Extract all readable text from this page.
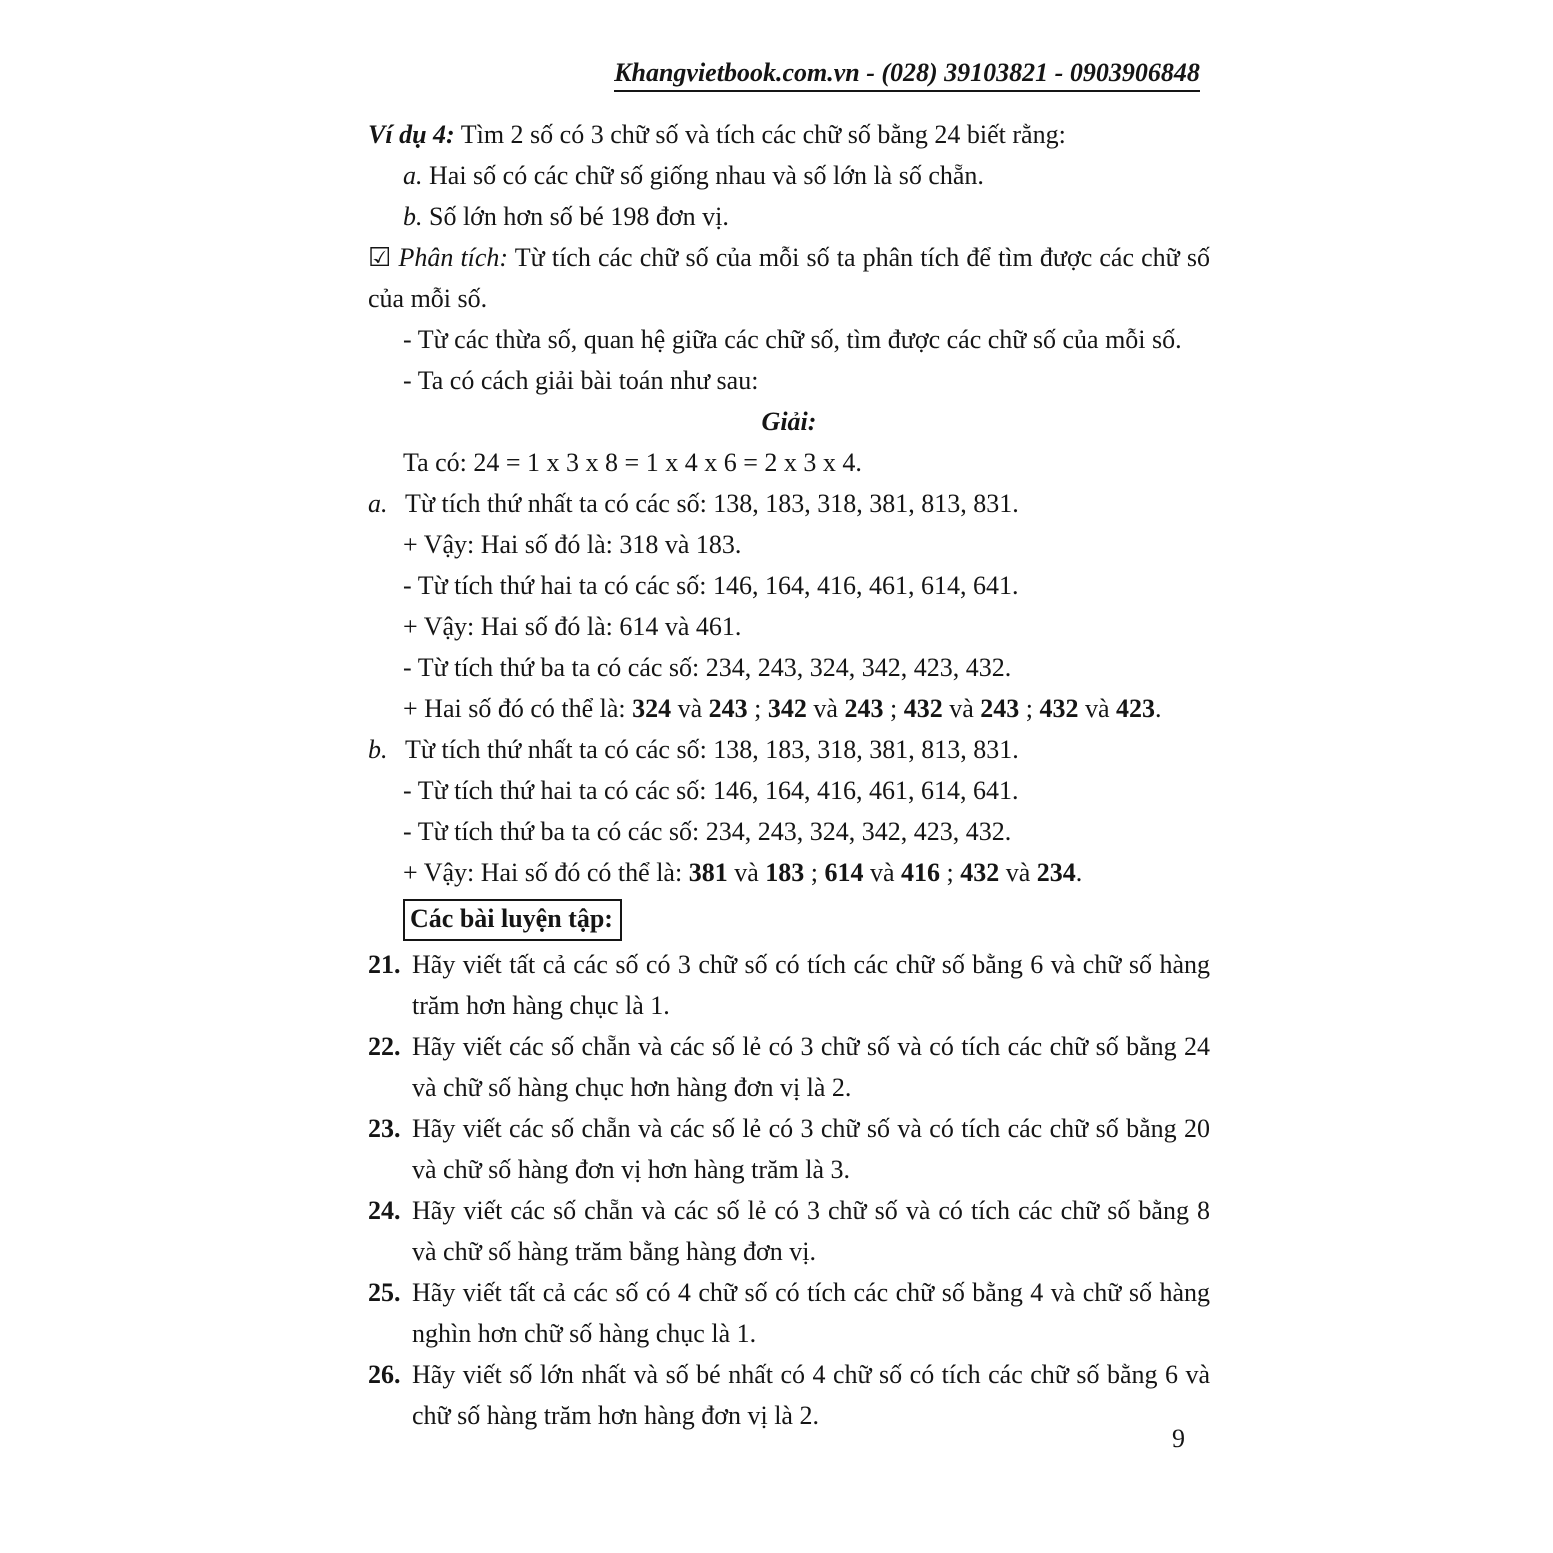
Khangvietbook.com.vn - (028) 39103821 - 0903906848

Ví dụ 4: Tìm 2 số có 3 chữ số và tích các chữ số bằng 24 biết rằng:

a. Hai số có các chữ số giống nhau và số lớn là số chẵn.

b. Số lớn hơn số bé 198 đơn vị.

☑ Phân tích: Từ tích các chữ số của mỗi số ta phân tích để tìm được các chữ số của mỗi số.

- Từ các thừa số, quan hệ giữa các chữ số, tìm được các chữ số của mỗi số.

- Ta có cách giải bài toán như sau:

Giải:

Ta có: 24 = 1 x 3 x 8 = 1 x 4 x 6 = 2 x 3 x 4.

a. Từ tích thứ nhất ta có các số: 138, 183, 318, 381, 813, 831.

+ Vậy: Hai số đó là: 318 và 183.

- Từ tích thứ hai ta có các số: 146, 164, 416, 461, 614, 641.

+ Vậy: Hai số đó là: 614 và 461.

- Từ tích thứ ba ta có các số: 234, 243, 324, 342, 423, 432.

+ Hai số đó có thể là: 324 và 243 ; 342 và 243 ; 432 và 243 ; 432 và 423.

b. Từ tích thứ nhất ta có các số: 138, 183, 318, 381, 813, 831.

- Từ tích thứ hai ta có các số: 146, 164, 416, 461, 614, 641.

- Từ tích thứ ba ta có các số: 234, 243, 324, 342, 423, 432.

+ Vậy: Hai số đó có thể là: 381 và 183 ; 614 và 416 ; 432 và 234.

Các bài luyện tập:

21. Hãy viết tất cả các số có 3 chữ số có tích các chữ số bằng 6 và chữ số hàng trăm hơn hàng chục là 1.

22. Hãy viết các số chẵn và các số lẻ có 3 chữ số và có tích các chữ số bằng 24 và chữ số hàng chục hơn hàng đơn vị là 2.

23. Hãy viết các số chẵn và các số lẻ có 3 chữ số và có tích các chữ số bằng 20 và chữ số hàng đơn vị hơn hàng trăm là 3.

24. Hãy viết các số chẵn và các số lẻ có 3 chữ số và có tích các chữ số bằng 8 và chữ số hàng trăm bằng hàng đơn vị.

25. Hãy viết tất cả các số có 4 chữ số có tích các chữ số bằng 4 và chữ số hàng nghìn hơn chữ số hàng chục là 1.

26. Hãy viết số lớn nhất và số bé nhất có 4 chữ số có tích các chữ số bằng 6 và chữ số hàng trăm hơn hàng đơn vị là 2.

9
